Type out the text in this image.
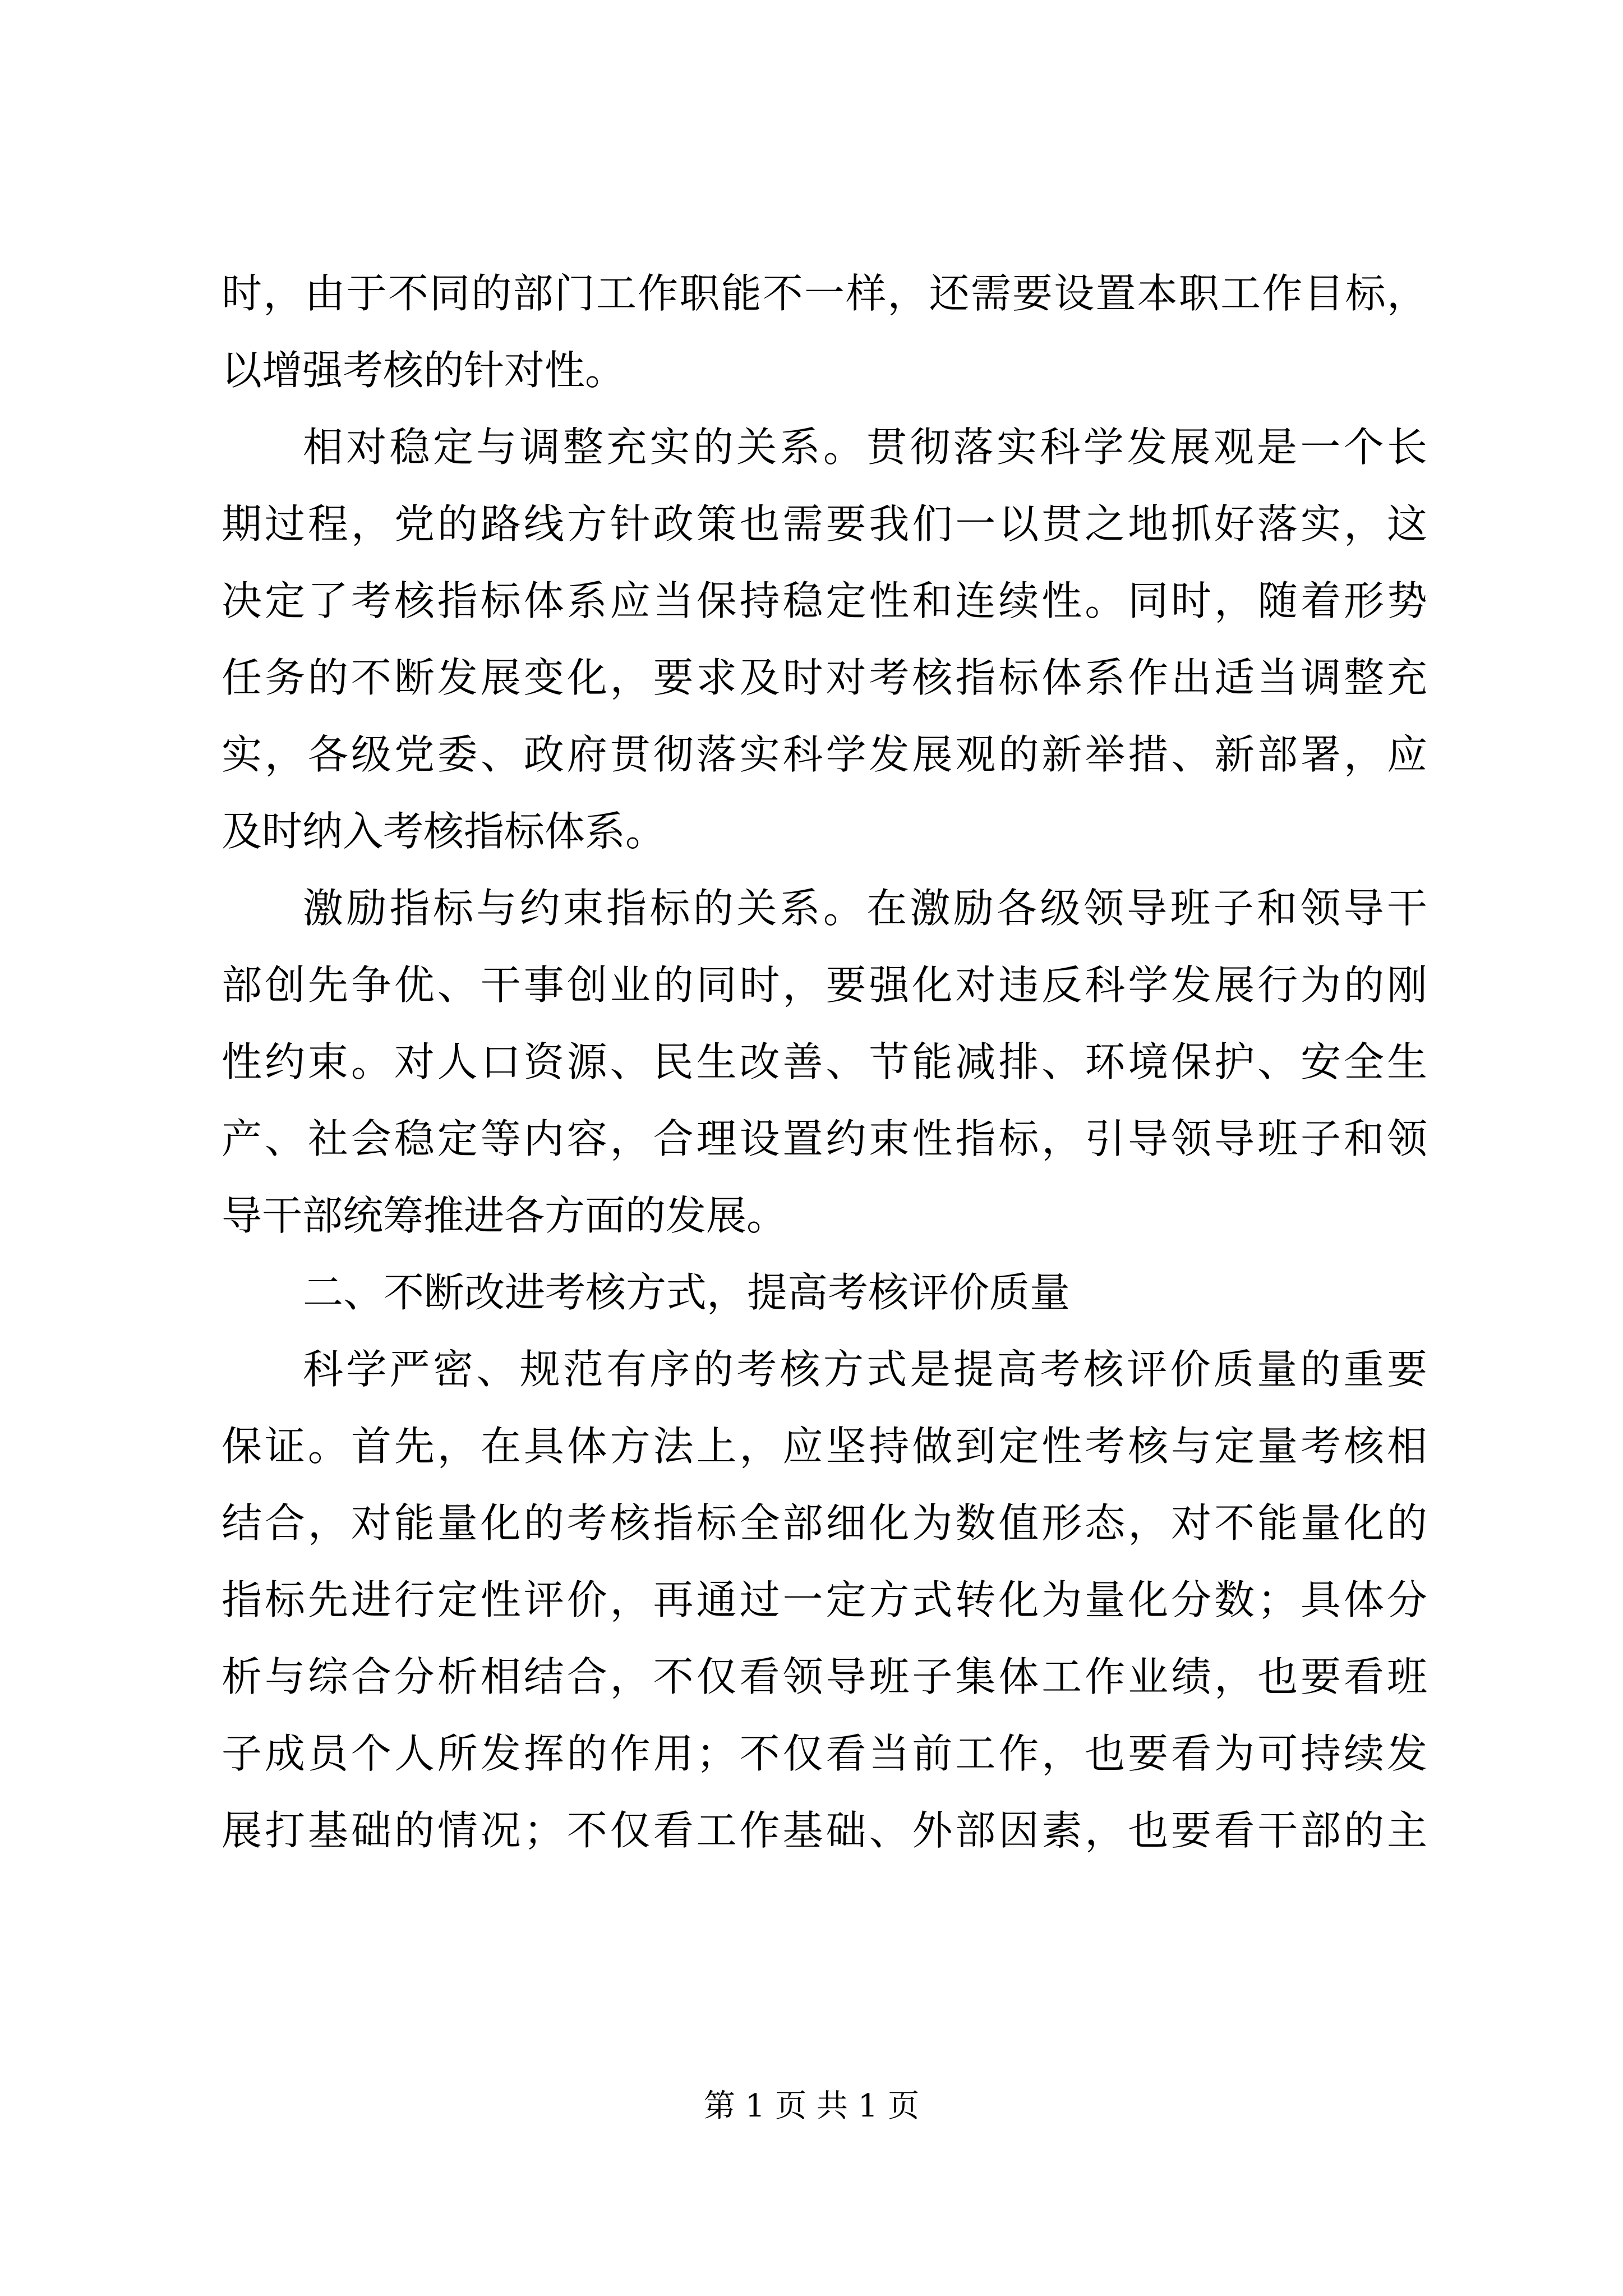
时，由于不同的部门工作职能不一样，还需要设置本职工作目标，
以增强考核的针对性。
相对稳定与调整充实的关系。贯彻落实科学发展观是一个长
期过程，党的路线方针政策也需要我们一以贯之地抓好落实，这
决定了考核指标体系应当保持稳定性和连续性。同时，随着形势
任务的不断发展变化，要求及时对考核指标体系作出适当调整充
实，各级党委、政府贯彻落实科学发展观的新举措、新部署，应
及时纳入考核指标体系。
激励指标与约束指标的关系。在激励各级领导班子和领导干
部创先争优、干事创业的同时，要强化对违反科学发展行为的刚
性约束。对人口资源、民生改善、节能减排、环境保护、安全生
产、社会稳定等内容，合理设置约束性指标，引导领导班子和领
导干部统筹推进各方面的发展。
二、不断改进考核方式，提高考核评价质量
科学严密、规范有序的考核方式是提高考核评价质量的重要
保证。首先，在具体方法上，应坚持做到定性考核与定量考核相
结合，对能量化的考核指标全部细化为数值形态，对不能量化的
指标先进行定性评价，再通过一定方式转化为量化分数；具体分
析与综合分析相结合，不仅看领导班子集体工作业绩，也要看班
子成员个人所发挥的作用；不仅看当前工作，也要看为可持续发
展打基础的情况；不仅看工作基础、外部因素，也要看干部的主
第 1 页 共 1 页
